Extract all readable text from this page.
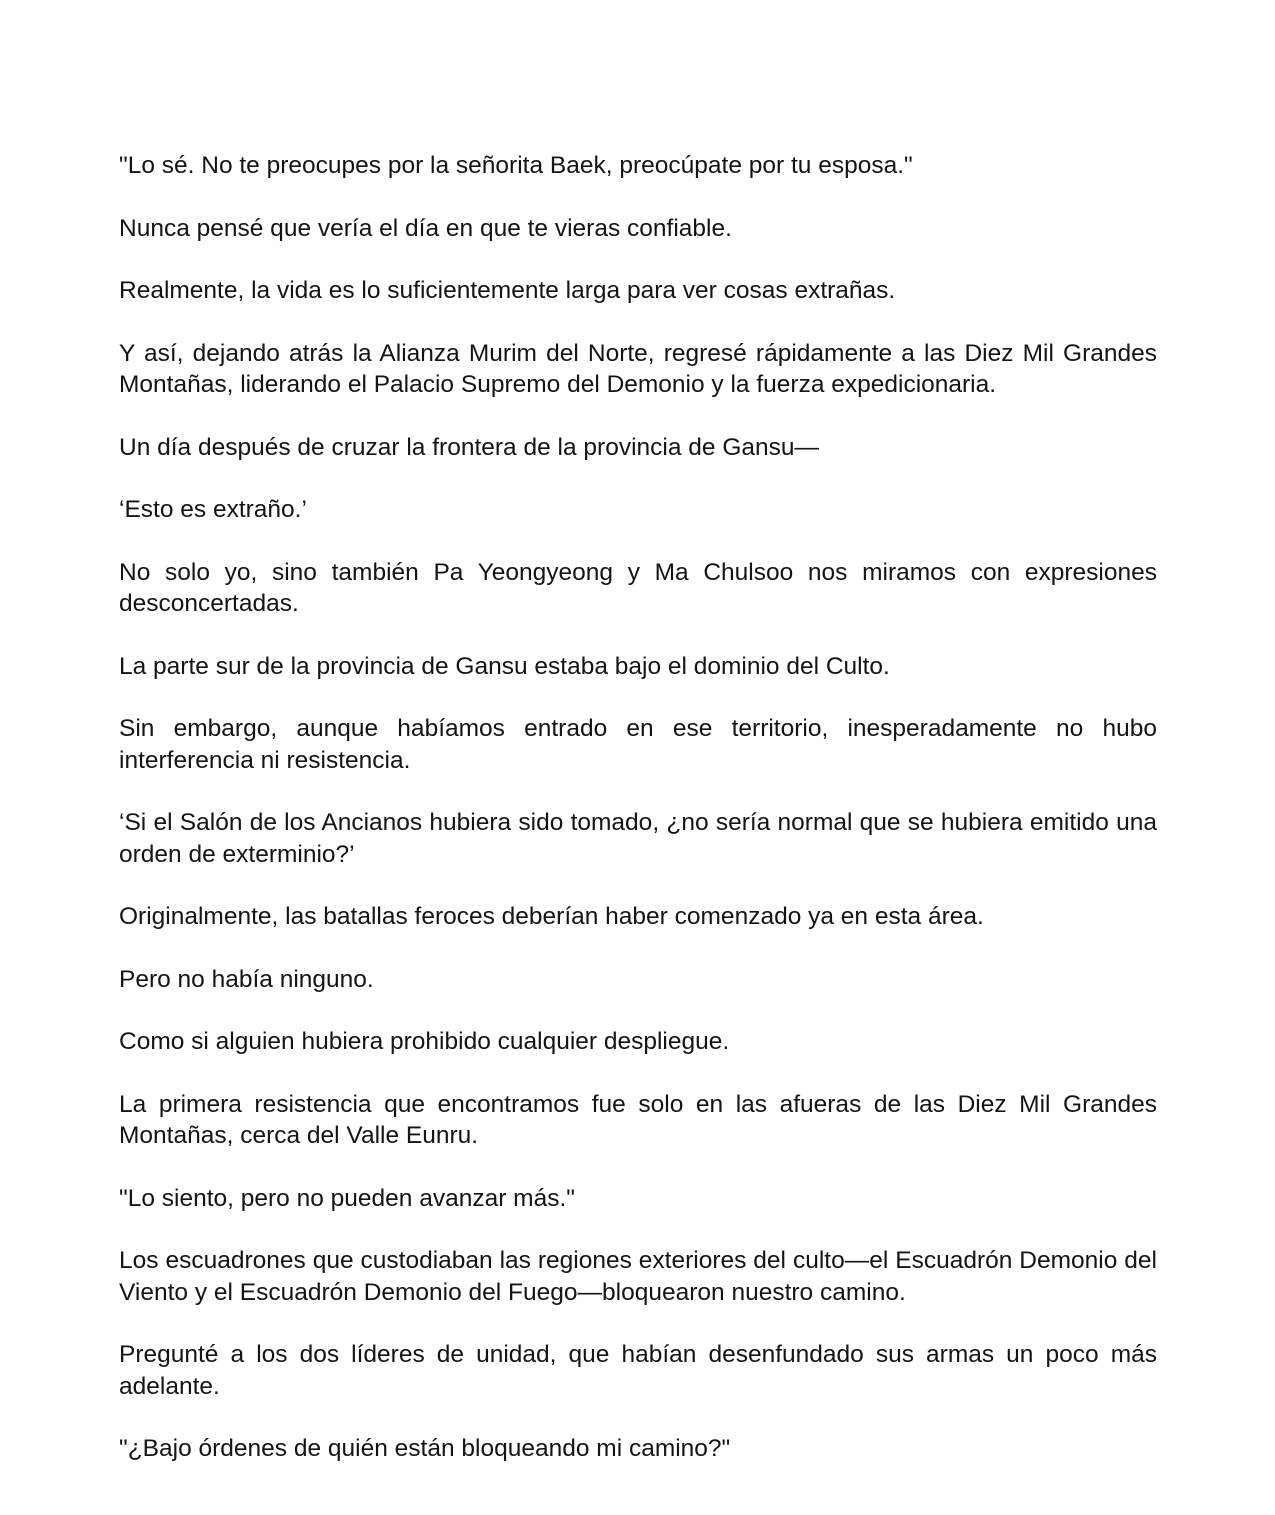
"Lo sé. No te preocupes por la señorita Baek, preocúpate por tu esposa."

Nunca pensé que vería el día en que te vieras confiable.

Realmente, la vida es lo suficientemente larga para ver cosas extrañas.

Y así, dejando atrás la Alianza Murim del Norte, regresé rápidamente a las Diez Mil Grandes Montañas, liderando el Palacio Supremo del Demonio y la fuerza expedicionaria.

Un día después de cruzar la frontera de la provincia de Gansu—

‘Esto es extraño.’

No solo yo, sino también Pa Yeongyeong y Ma Chulsoo nos miramos con expresiones desconcertadas.

La parte sur de la provincia de Gansu estaba bajo el dominio del Culto.

Sin embargo, aunque habíamos entrado en ese territorio, inesperadamente no hubo interferencia ni resistencia.

‘Si el Salón de los Ancianos hubiera sido tomado, ¿no sería normal que se hubiera emitido una orden de exterminio?’

Originalmente, las batallas feroces deberían haber comenzado ya en esta área.

Pero no había ninguno.

Como si alguien hubiera prohibido cualquier despliegue.

La primera resistencia que encontramos fue solo en las afueras de las Diez Mil Grandes Montañas, cerca del Valle Eunru.

"Lo siento, pero no pueden avanzar más."

Los escuadrones que custodiaban las regiones exteriores del culto—el Escuadrón Demonio del Viento y el Escuadrón Demonio del Fuego—bloquearon nuestro camino.

Pregunté a los dos líderes de unidad, que habían desenfundado sus armas un poco más adelante.

"¿Bajo órdenes de quién están bloqueando mi camino?"
